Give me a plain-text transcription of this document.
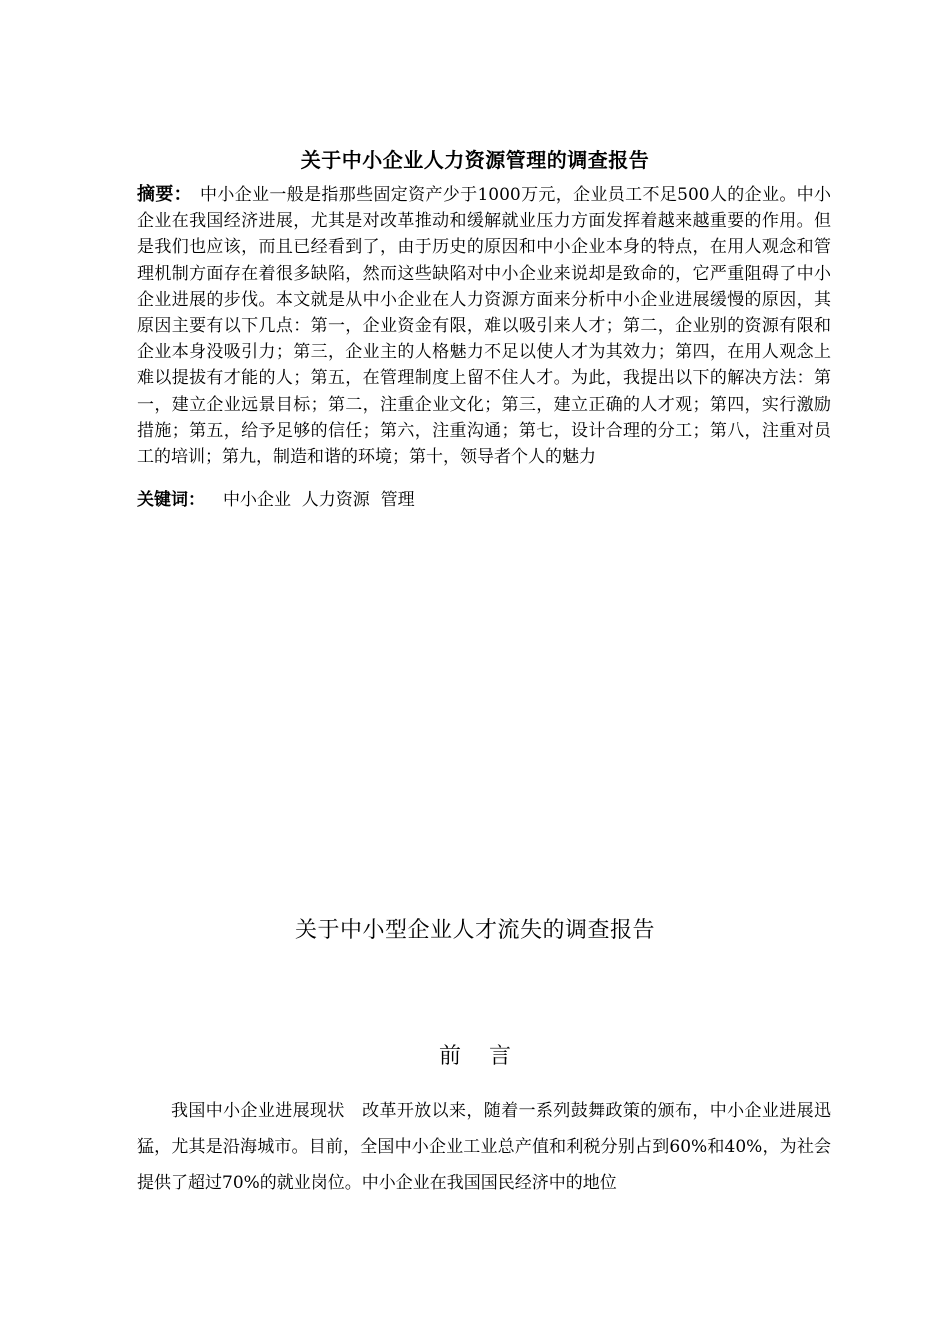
关于中小企业人力资源管理的调查报告
摘要： 中小企业一般是指那些固定资产少于1000万元，企业员工不足500人的企业。中小企业在我国经济进展，尤其是对改革推动和缓解就业压力方面发挥着越来越重要的作用。但是我们也应该，而且已经看到了，由于历史的原因和中小企业本身的特点，在用人观念和管理机制方面存在着很多缺陷，然而这些缺陷对中小企业来说却是致命的，它严重阻碍了中小企业进展的步伐。本文就是从中小企业在人力资源方面来分析中小企业进展缓慢的原因，其原因主要有以下几点：第一，企业资金有限，难以吸引来人才；第二，企业别的资源有限和企业本身没吸引力；第三，企业主的人格魅力不足以使人才为其效力；第四，在用人观念上难以提拔有才能的人；第五，在管理制度上留不住人才。为此，我提出以下的解决方法：第一，建立企业远景目标；第二，注重企业文化；第三，建立正确的人才观；第四，实行激励措施；第五，给予足够的信任；第六，注重沟通；第七，设计合理的分工；第八，注重对员工的培训；第九，制造和谐的环境；第十，领导者个人的魅力
关键词： 中小企业  人力资源  管理
关于中小型企业人才流失的调查报告
前言
我国中小企业进展现状　改革开放以来，随着一系列鼓舞政策的颁布，中小企业进展迅猛，尤其是沿海城市。目前，全国中小企业工业总产值和利税分别占到60%和40%，为社会提供了超过70%的就业岗位。中小企业在我国国民经济中的地位
